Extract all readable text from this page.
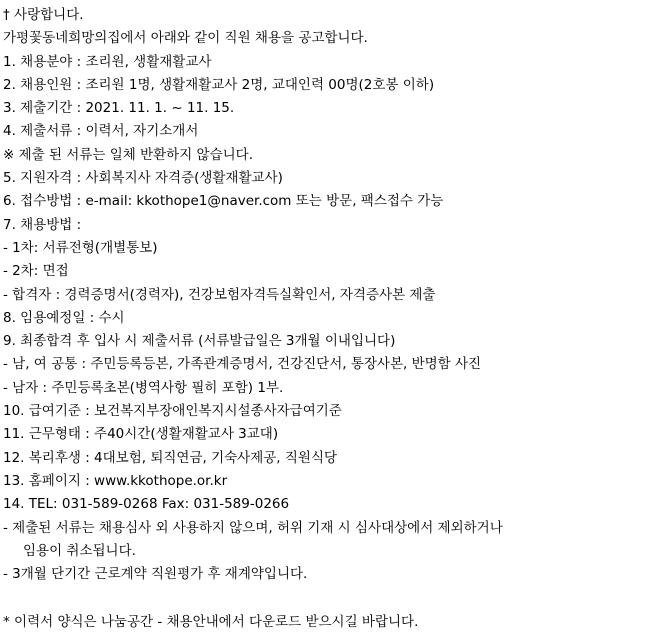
† 사랑합니다.
가평꽃동네희망의집에서 아래와 같이 직원 채용을 공고합니다.
1. 채용분야 : 조리원, 생활재활교사
2. 채용인원 : 조리원 1명, 생활재활교사 2명, 교대인력 00명(2호봉 이하)
3. 제출기간 : 2021. 11. 1. ~ 11. 15.
4. 제출서류 : 이력서, 자기소개서
※ 제출 된 서류는 일체 반환하지 않습니다.
5. 지원자격 : 사회복지사 자격증(생활재활교사)
6. 접수방법 : e-mail: kkothope1@naver.com 또는 방문, 팩스접수 가능
7. 채용방법 :
- 1차: 서류전형(개별통보)
- 2차: 면접
- 합격자 : 경력증명서(경력자), 건강보험자격득실확인서, 자격증사본 제출
8. 임용예정일 : 수시
9. 최종합격 후 입사 시 제출서류 (서류발급일은 3개월 이내입니다)
- 남, 여 공통 : 주민등록등본, 가족관계증명서, 건강진단서, 통장사본, 반명함 사진
- 남자 : 주민등록초본(병역사항 필히 포함) 1부.
10. 급여기준 : 보건복지부장애인복지시설종사자급여기준
11. 근무형태 : 주40시간(생활재활교사 3교대)
12. 복리후생 : 4대보험, 퇴직연금, 기숙사제공, 직원식당
13. 홈페이지 : www.kkothope.or.kr
14. TEL: 031-589-0268 Fax: 031-589-0266
- 제출된 서류는 채용심사 외 사용하지 않으며, 허위 기재 시 심사대상에서 제외하거나
임용이 취소됩니다.
- 3개월 단기간 근로계약 직원평가 후 재계약입니다.
* 이력서 양식은 나눔공간 - 채용안내에서 다운로드 받으시길 바랍니다.
